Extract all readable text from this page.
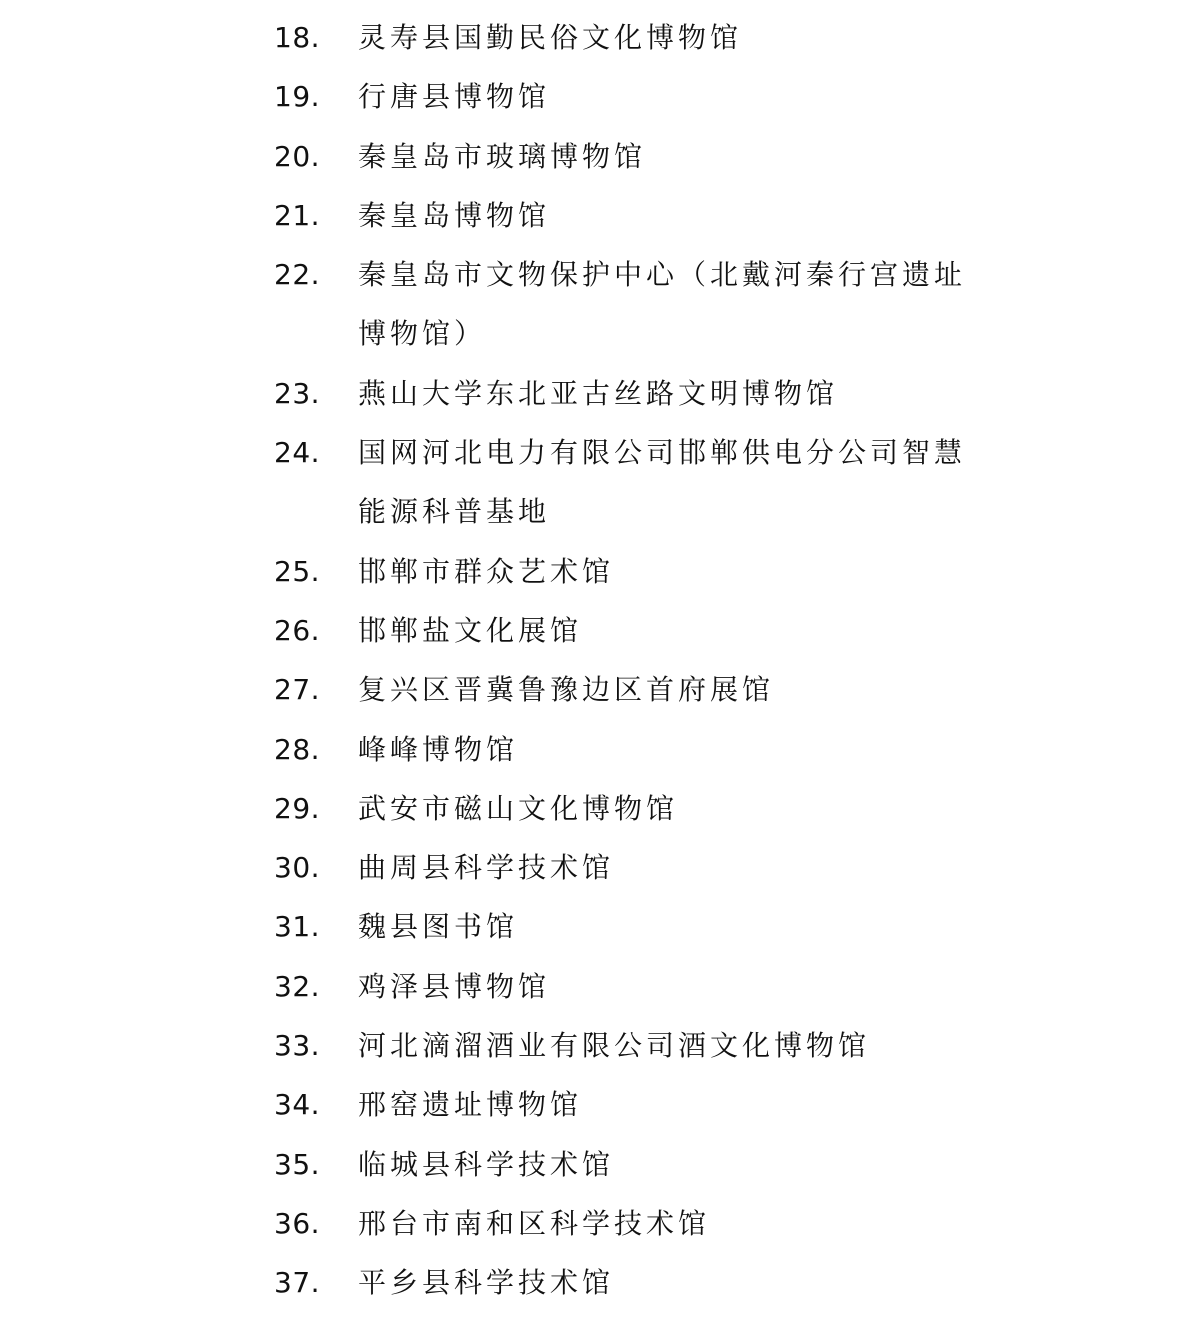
18.	灵寿县国勤民俗文化博物馆
19.	行唐县博物馆
20.	秦皇岛市玻璃博物馆
21.	秦皇岛博物馆
22.	秦皇岛市文物保护中心（北戴河秦行宫遗址博物馆）
23.	燕山大学东北亚古丝路文明博物馆
24.	国网河北电力有限公司邯郸供电分公司智慧能源科普基地
25.	邯郸市群众艺术馆
26.	邯郸盐文化展馆
27.	复兴区晋冀鲁豫边区首府展馆
28.	峰峰博物馆
29.	武安市磁山文化博物馆
30.	曲周县科学技术馆
31.	魏县图书馆
32.	鸡泽县博物馆
33.	河北滴溜酒业有限公司酒文化博物馆
34.	邢窑遗址博物馆
35.	临城县科学技术馆
36.	邢台市南和区科学技术馆
37.	平乡县科学技术馆
